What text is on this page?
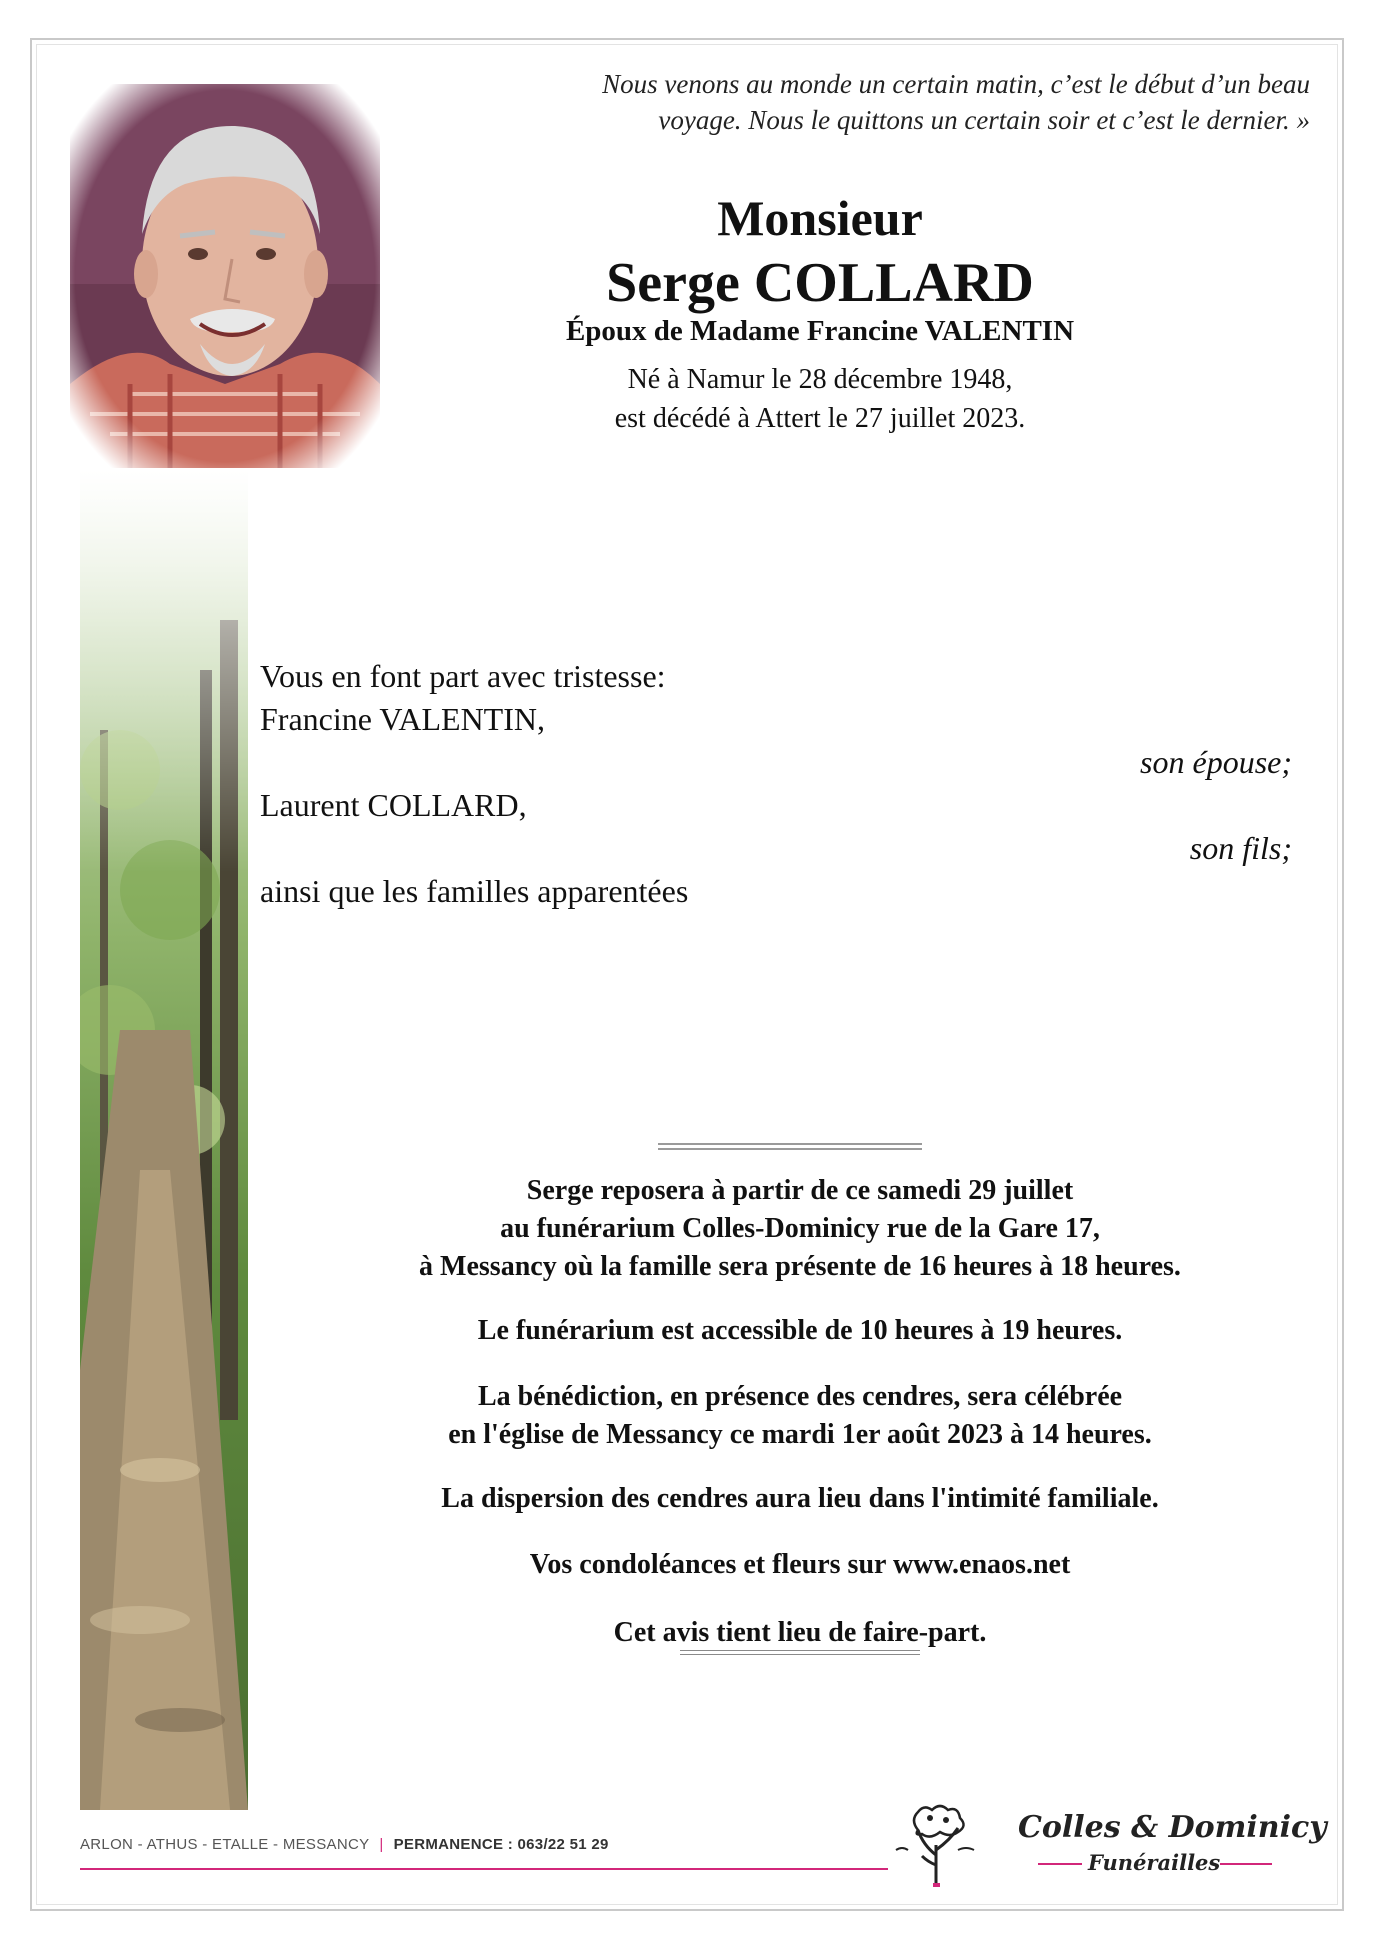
Nous venons au monde un certain matin, c’est le début d’un beau
voyage. Nous le quittons un certain soir et c’est le dernier. »
Monsieur
Serge COLLARD
Époux de Madame Francine VALENTIN
Né à Namur le 28 décembre 1948,
est décédé à Attert le 27 juillet 2023.
Vous en font part avec tristesse:
Francine VALENTIN,
son épouse;
Laurent COLLARD,
son fils;
ainsi que les familles apparentées
Serge reposera à partir de ce samedi 29 juillet
au funérarium Colles-Dominicy rue de la Gare 17,
à Messancy où la famille sera présente de 16 heures à 18 heures.
Le funérarium est accessible de 10 heures à 19 heures.
La bénédiction, en présence des cendres, sera célébrée
en l'église de Messancy ce mardi 1er août 2023 à 14 heures.
La dispersion des cendres aura lieu dans l'intimité familiale.
Vos condoléances et fleurs sur www.enaos.net
Cet avis tient lieu de faire-part.
ARLON - ATHUS - ETALLE - MESSANCY | PERMANENCE : 063/22 51 29	Colles & Dominicy
Funérailles
